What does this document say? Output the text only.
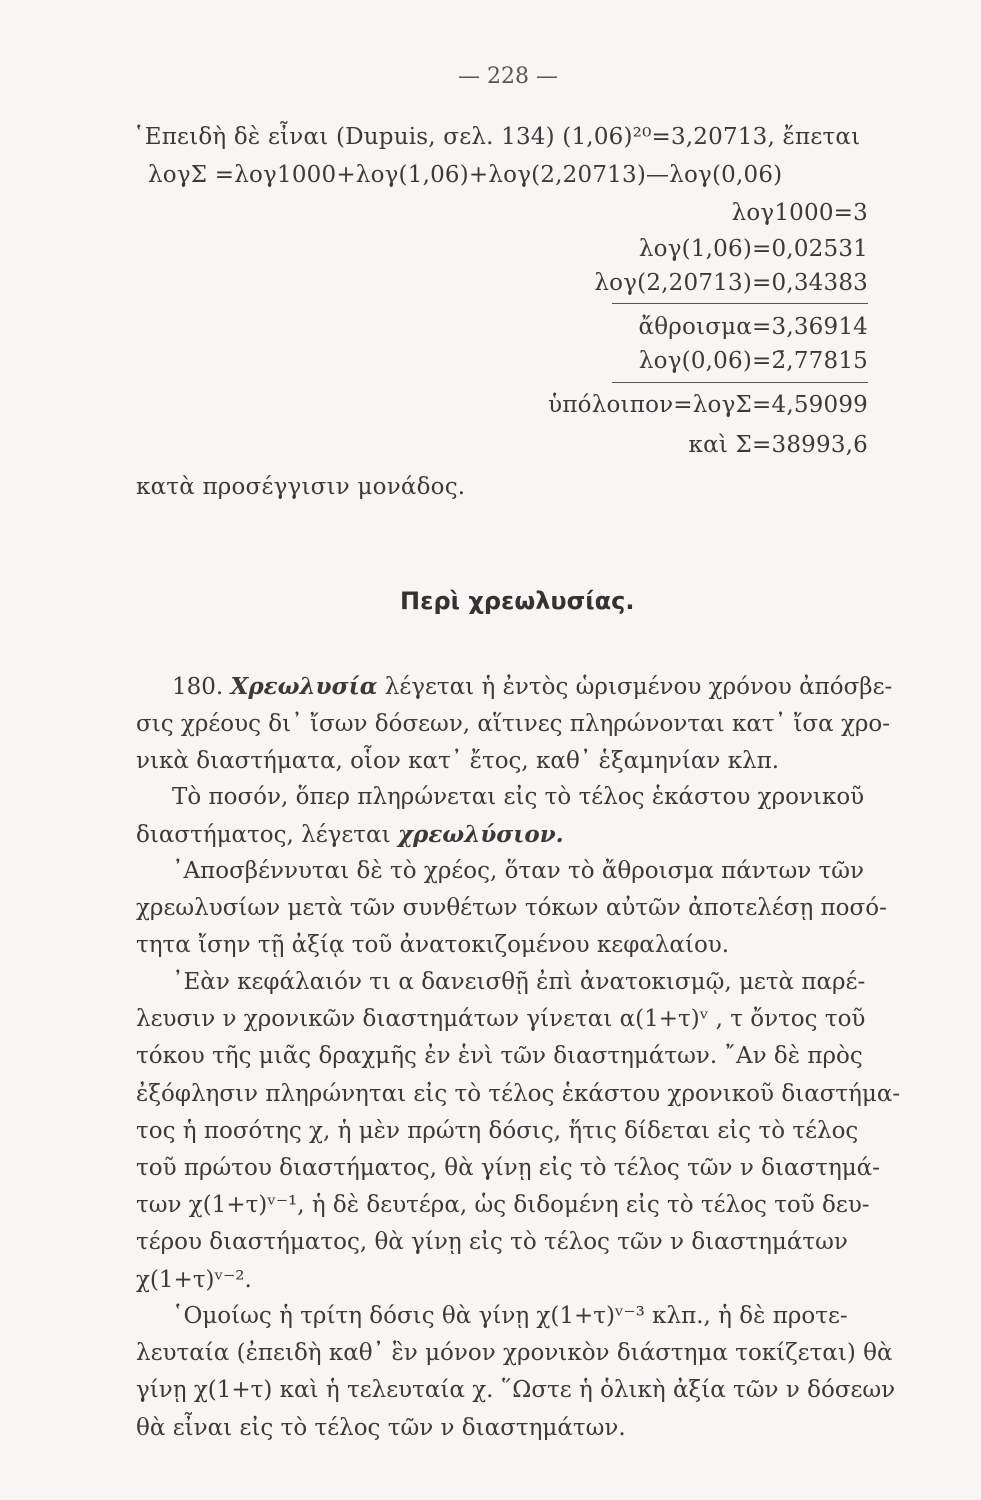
— 228 —
῾Επειδὴ δὲ εἶναι (Dupuis, σελ. 134) (1,06)²⁰=3,20713, ἔπεται
λογΣ =λογ1000+λογ(1,06)+λογ(2,20713)—λογ(0,06)
λογ1000=3
λογ(1,06)=0,02531
λογ(2,20713)=0,34383
ἄθροισμα=3,36914
λογ(0,06)=2̄,77815
ὑπόλοιπον=λογΣ=4,59099
καὶ Σ=38993,6
κατὰ προσέγγισιν μονάδος.
Περὶ χρεωλυσίας.
180. Χρεωλυσία λέγεται ἡ ἐντὸς ὡρισμένου χρόνου ἀπόσβε-
σις χρέους δι᾽ ἴσων δόσεων, αἵτινες πληρώνονται κατ᾽ ἴσα χρο-
νικὰ διαστήματα, οἷον κατ᾽ ἔτος, καθ᾽ ἑξαμηνίαν κλπ.
Τὸ ποσόν, ὅπερ πληρώνεται εἰς τὸ τέλος ἑκάστου χρονικοῦ
διαστήματος, λέγεται χρεωλύσιον.
᾽Αποσβέννυται δὲ τὸ χρέος, ὅταν τὸ ἄθροισμα πάντων τῶν
χρεωλυσίων μετὰ τῶν συνθέτων τόκων αὐτῶν ἀποτελέσῃ ποσό-
τητα ἴσην τῇ ἀξίᾳ τοῦ ἀνατοκιζομένου κεφαλαίου.
᾽Εὰν κεφάλαιόν τι α δανεισθῇ ἐπὶ ἀνατοκισμῷ, μετὰ παρέ-
λευσιν ν χρονικῶν διαστημάτων γίνεται α(1+τ)ᵛ , τ ὄντος τοῦ
τόκου τῆς μιᾶς δραχμῆς ἐν ἑνὶ τῶν διαστημάτων. ῎Αν δὲ πρὸς
ἐξόφλησιν πληρώνηται εἰς τὸ τέλος ἑκάστου χρονικοῦ διαστήμα-
τος ἡ ποσότης χ, ἡ μὲν πρώτη δόσις, ἥτις δίδεται εἰς τὸ τέλος
τοῦ πρώτου διαστήματος, θὰ γίνῃ εἰς τὸ τέλος τῶν ν διαστημά-
των χ(1+τ)ᵛ⁻¹, ἡ δὲ δευτέρα, ὡς διδομένη εἰς τὸ τέλος τοῦ δευ-
τέρου διαστήματος, θὰ γίνῃ εἰς τὸ τέλος τῶν ν διαστημάτων
χ(1+τ)ᵛ⁻².
῾Ομοίως ἡ τρίτη δόσις θὰ γίνῃ χ(1+τ)ᵛ⁻³ κλπ., ἡ δὲ προτε-
λευταία (ἐπειδὴ καθ᾽ ἓν μόνον χρονικὸν διάστημα τοκίζεται) θὰ
γίνῃ χ(1+τ) καὶ ἡ τελευταία χ. ῞Ωστε ἡ ὁλικὴ ἀξία τῶν ν δόσεων
θὰ εἶναι εἰς τὸ τέλος τῶν ν διαστημάτων.
